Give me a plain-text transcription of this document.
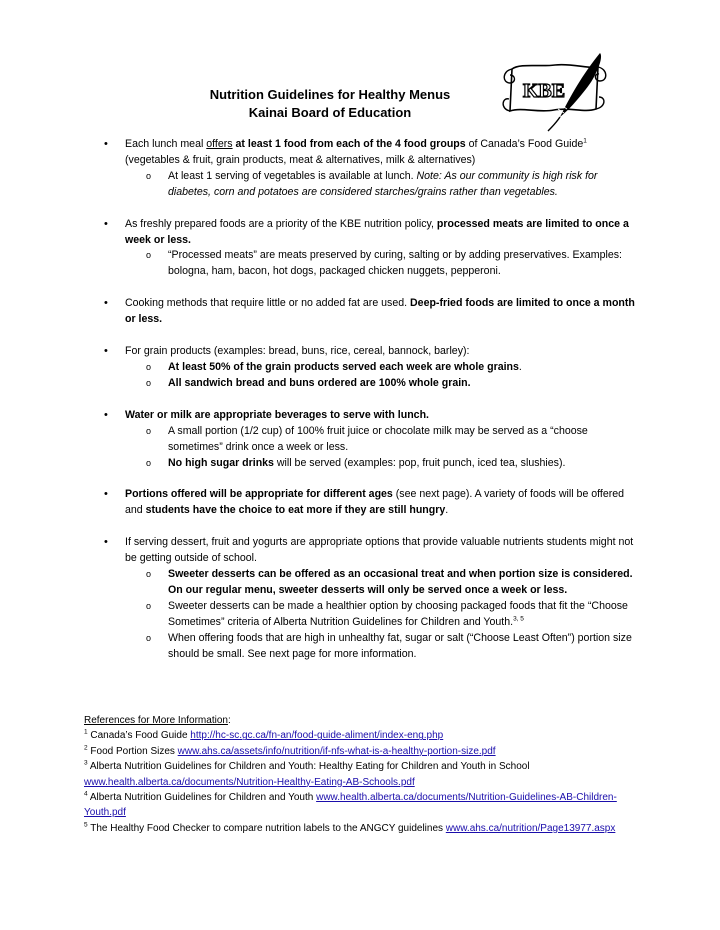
Nutrition Guidelines for Healthy Menus
Kainai Board of Education
KBE

• Each lunch meal offers at least 1 food from each of the 4 food groups of Canada’s Food Guide$^1$ (vegetables & fruit, grain products, meat & alternatives, milk & alternatives)

o At least 1 serving of vegetables is available at lunch. Note: As our community is high risk for diabetes, corn and potatoes are considered starches/grains rather than vegetables.

• As freshly prepared foods are a priority of the KBE nutrition policy, processed meats are limited to once a week or less.

o “Processed meats” are meats preserved by curing, salting or by adding preservatives. Examples: bologna, ham, bacon, hot dogs, packaged chicken nuggets, pepperoni.

• Cooking methods that require little or no added fat are used. Deep-fried foods are limited to once a month or less.

• For grain products (examples: bread, buns, rice, cereal, bannock, barley):

o At least 50% of the grain products served each week are whole grains.

o All sandwich bread and buns ordered are 100% whole grain.

• Water or milk are appropriate beverages to serve with lunch.

o A small portion (1/2 cup) of 100% fruit juice or chocolate milk may be served as a “choose sometimes” drink once a week or less.

o No high sugar drinks will be served (examples: pop, fruit punch, iced tea, slushies).

• Portions offered will be appropriate for different ages (see next page). A variety of foods will be offered and students have the choice to eat more if they are still hungry.

• If serving dessert, fruit and yogurts are appropriate options that provide valuable nutrients students might not be getting outside of school.

o Sweeter desserts can be offered as an occasional treat and when portion size is considered. On our regular menu, sweeter desserts will only be served once a week or less.

o Sweeter desserts can be made a healthier option by choosing packaged foods that fit the “Choose Sometimes” criteria of Alberta Nutrition Guidelines for Children and Youth.$^{3, 5}$

o When offering foods that are high in unhealthy fat, sugar or salt (“Choose Least Often”) portion size should be small. See next page for more information.

References for More Information:

$^1$ Canada’s Food Guide http://hc-sc.gc.ca/fn-an/food-guide-aliment/index-eng.php

$^2$ Food Portion Sizes www.ahs.ca/assets/info/nutrition/if-nfs-what-is-a-healthy-portion-size.pdf

$^3$ Alberta Nutrition Guidelines for Children and Youth: Healthy Eating for Children and Youth in School www.health.alberta.ca/documents/Nutrition-Healthy-Eating-AB-Schools.pdf

$^4$ Alberta Nutrition Guidelines for Children and Youth www.health.alberta.ca/documents/Nutrition-Guidelines-AB-Children-Youth.pdf

$^5$ The Healthy Food Checker to compare nutrition labels to the ANGCY guidelines www.ahs.ca/nutrition/Page13977.aspx
